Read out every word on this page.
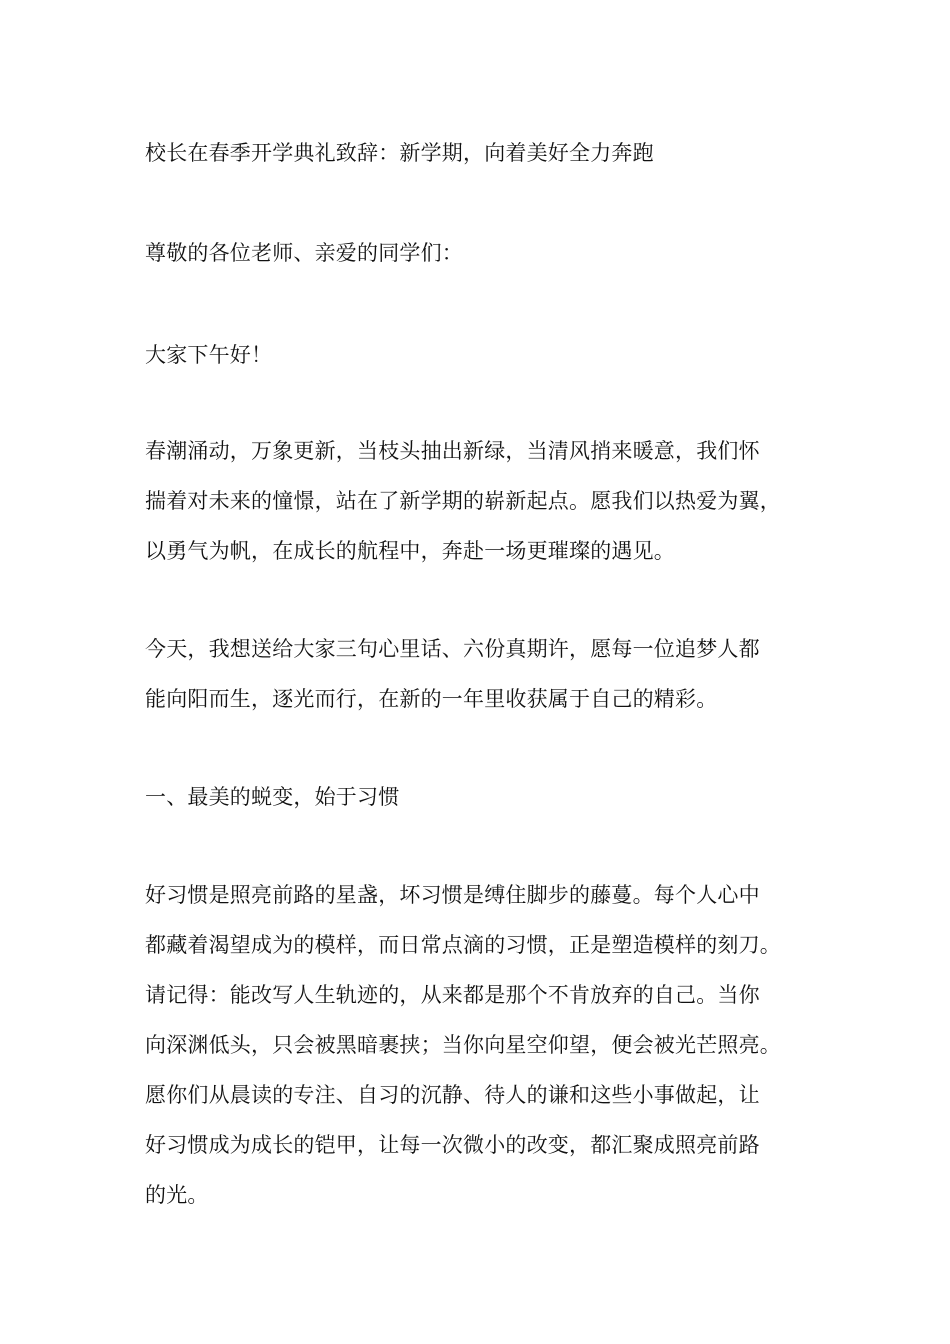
校长在春季开学典礼致辞：新学期，向着美好全力奔跑

尊敬的各位老师、亲爱的同学们：

大家下午好！

春潮涌动，万象更新，当枝头抽出新绿，当清风捎来暖意，我们怀

揣着对未来的憧憬，站在了新学期的崭新起点。愿我们以热爱为翼，

以勇气为帆，在成长的航程中，奔赴一场更璀璨的遇见。

今天，我想送给大家三句心里话、六份真期许，愿每一位追梦人都

能向阳而生，逐光而行，在新的一年里收获属于自己的精彩。

一、最美的蜕变，始于习惯

好习惯是照亮前路的星盏，坏习惯是缚住脚步的藤蔓。每个人心中

都藏着渴望成为的模样，而日常点滴的习惯，正是塑造模样的刻刀。

请记得：能改写人生轨迹的，从来都是那个不肯放弃的自己。当你

向深渊低头，只会被黑暗裹挟；当你向星空仰望，便会被光芒照亮。

愿你们从晨读的专注、自习的沉静、待人的谦和这些小事做起，让

好习惯成为成长的铠甲，让每一次微小的改变，都汇聚成照亮前路

的光。
